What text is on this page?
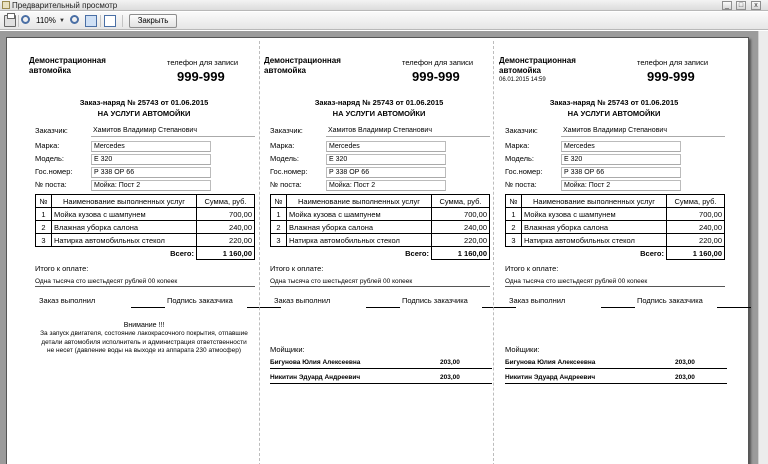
Предварительный просмотр	_	□	x
110% ▼	Закрыть
Демонстрационная автомойка
телефон для записи
999-999
Заказ-наряд № 25743 от 01.06.2015
НА УСЛУГИ АВТОМОЙКИ
Заказчик:	Хамитов Владимир Степанович
Марка:	Mercedes
Модель:	E 320
Гос.номер:	Р 338 ОР 66
№ поста:	Мойка: Пост 2
№	Наименование выполненных услуг	Сумма, руб.
1	Мойка кузова с шампунем	700,00
2	Влажная уборка салона	240,00
3	Натирка автомобильных стекол	220,00
	Всего:	1 160,00
Итого к оплате:
Одна тысяча сто шестьдесят рублей 00 копеек
Заказ выполнил	Подпись заказчика
Внимание !!!
За запуск двигателя, состояние лакокрасочного покрытия, отпавшие детали автомобиля исполнитель и администрация ответственности не несет (давление воды на выходе из аппарата 230 атмосфер)
Демонстрационная автомойка
телефон для записи
999-999
Заказ-наряд № 25743 от 01.06.2015
НА УСЛУГИ АВТОМОЙКИ
Заказчик:	Хамитов Владимир Степанович
Марка:	Mercedes
Модель:	E 320
Гос.номер:	Р 338 ОР 66
№ поста:	Мойка: Пост 2
№	Наименование выполненных услуг	Сумма, руб.
1	Мойка кузова с шампунем	700,00
2	Влажная уборка салона	240,00
3	Натирка автомобильных стекол	220,00
	Всего:	1 160,00
Итого к оплате:
Одна тысяча сто шестьдесят рублей 00 копеек
Заказ выполнил	Подпись заказчика
Мойщики:
Бигунова Юлия Алексеевна	203,00
Никитин Эдуард Андреевич	203,00
Демонстрационная автомойка
06.01.2015 14:59
телефон для записи
999-999
Заказ-наряд № 25743 от 01.06.2015
НА УСЛУГИ АВТОМОЙКИ
Заказчик:	Хамитов Владимир Степанович
Марка:	Mercedes
Модель:	E 320
Гос.номер:	Р 338 ОР 66
№ поста:	Мойка: Пост 2
№	Наименование выполненных услуг	Сумма, руб.
1	Мойка кузова с шампунем	700,00
2	Влажная уборка салона	240,00
3	Натирка автомобильных стекол	220,00
	Всего:	1 160,00
Итого к оплате:
Одна тысяча сто шестьдесят рублей 00 копеек
Заказ выполнил	Подпись заказчика
Мойщики:
Бигунова Юлия Алексеевна	203,00
Никитин Эдуард Андреевич	203,00
